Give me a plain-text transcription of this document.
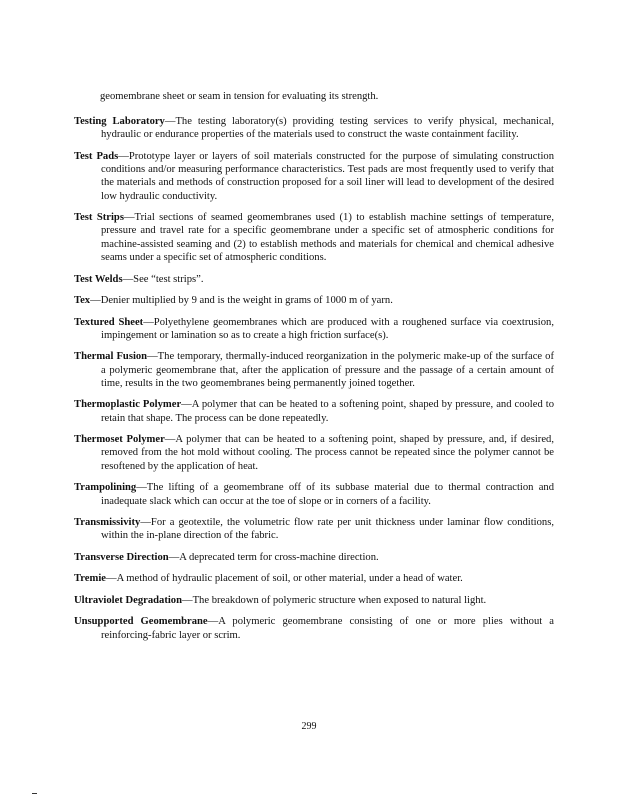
geomembrane sheet or seam in tension for evaluating its strength.

Testing Laboratory—The testing laboratory(s) providing testing services to verify physical, mechanical, hydraulic or endurance properties of the materials used to construct the waste containment facility.

Test Pads—Prototype layer or layers of soil materials constructed for the purpose of simulating construction conditions and/or measuring performance characteristics. Test pads are most frequently used to verify that the materials and methods of construction proposed for a soil liner will lead to development of the desired low hydraulic conductivity.

Test Strips—Trial sections of seamed geomembranes used (1) to establish machine settings of temperature, pressure and travel rate for a specific geomembrane under a specific set of atmospheric conditions for machine-assisted seaming and (2) to establish methods and materials for chemical and chemical adhesive seams under a specific set of atmospheric conditions.

Test Welds—See “test strips”.

Tex—Denier multiplied by 9 and is the weight in grams of 1000 m of yarn.

Textured Sheet—Polyethylene geomembranes which are produced with a roughened surface via coextrusion, impingement or lamination so as to create a high friction surface(s).

Thermal Fusion—The temporary, thermally-induced reorganization in the polymeric make-up of the surface of a polymeric geomembrane that, after the application of pressure and the passage of a certain amount of time, results in the two geomembranes being permanently joined together.

Thermoplastic Polymer—A polymer that can be heated to a softening point, shaped by pressure, and cooled to retain that shape. The process can be done repeatedly.

Thermoset Polymer—A polymer that can be heated to a softening point, shaped by pressure, and, if desired, removed from the hot mold without cooling. The process cannot be repeated since the polymer cannot be resoftened by the application of heat.

Trampolining—The lifting of a geomembrane off of its subbase material due to thermal contraction and inadequate slack which can occur at the toe of slope or in corners of a facility.

Transmissivity—For a geotextile, the volumetric flow rate per unit thickness under laminar flow conditions, within the in-plane direction of the fabric.

Transverse Direction—A deprecated term for cross-machine direction.

Tremie—A method of hydraulic placement of soil, or other material, under a head of water.

Ultraviolet Degradation—The breakdown of polymeric structure when exposed to natural light.

Unsupported Geomembrane—A polymeric geomembrane consisting of one or more plies without a reinforcing-fabric layer or scrim.

299
